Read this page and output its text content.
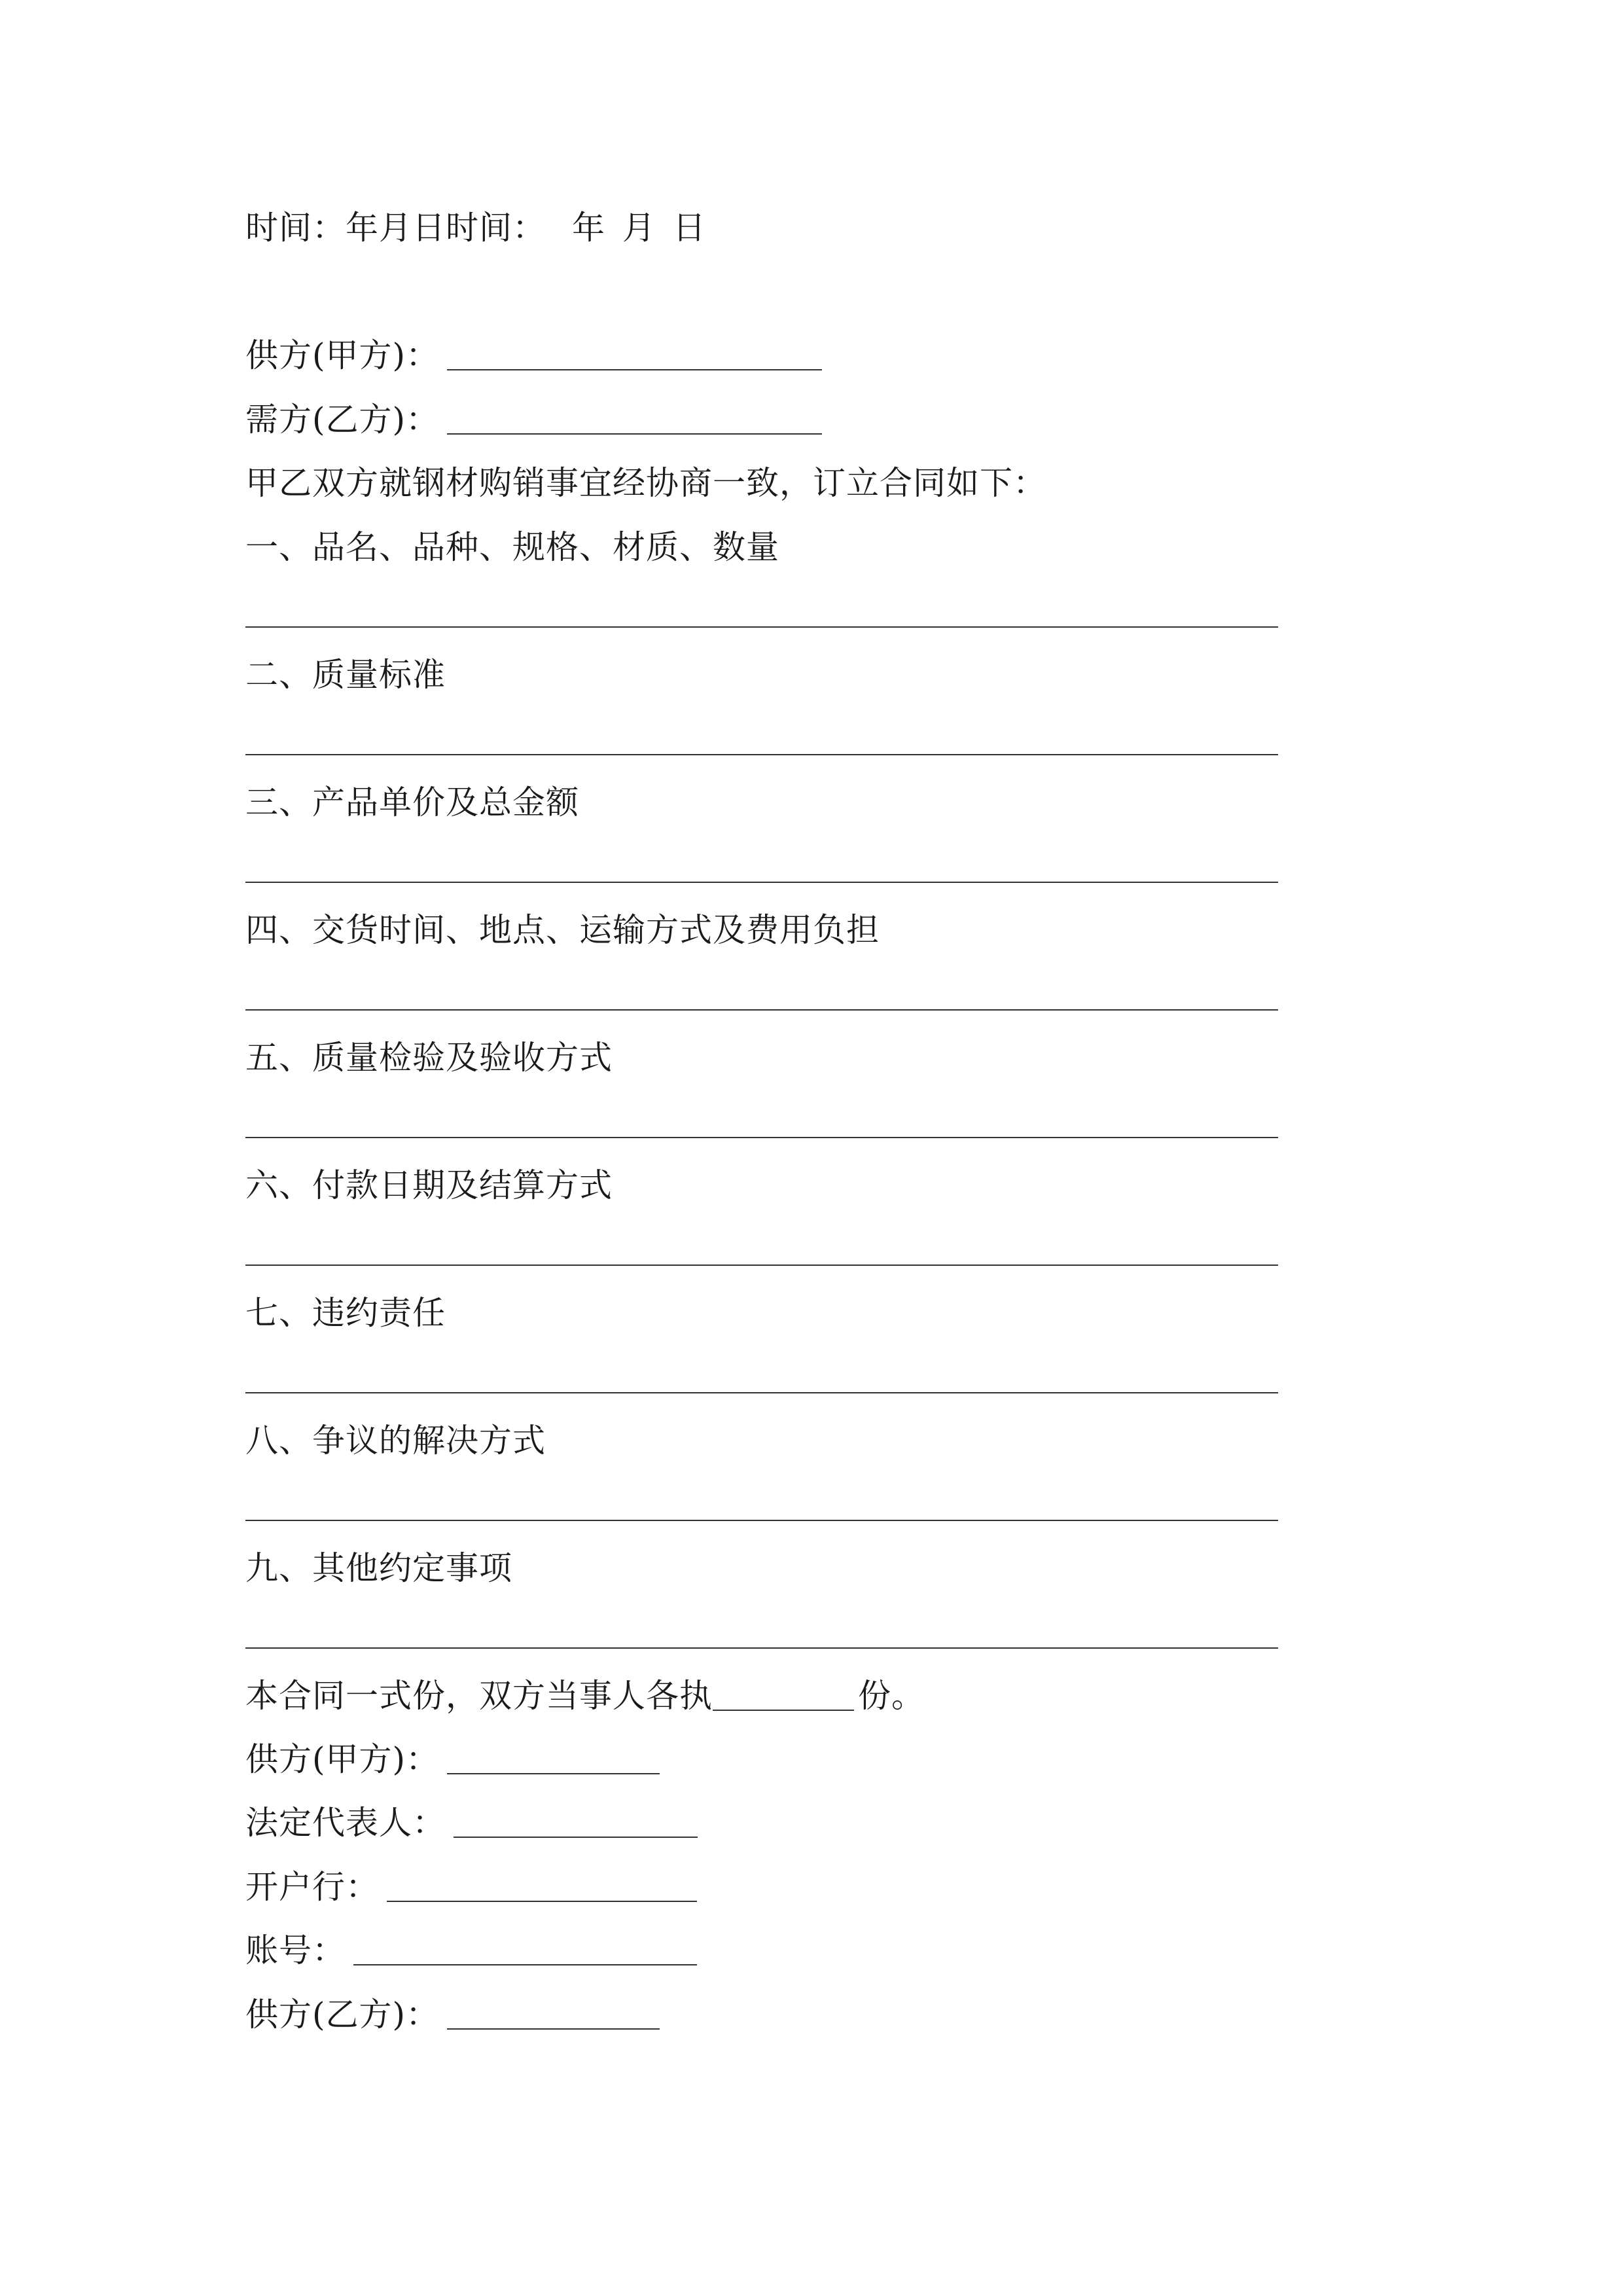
时间：年月日时间： 年 月 日
供方(甲方)：
需方(乙方)：
甲乙双方就钢材购销事宜经协商一致，订立合同如下：
一、品名、品种、规格、材质、数量
二、质量标准
三、产品单价及总金额
四、交货时间、地点、运输方式及费用负担
五、质量检验及验收方式
六、付款日期及结算方式
七、违约责任
八、争议的解决方式
九、其他约定事项
本合同一式份，双方当事人各执	份。
供方(甲方)：
法定代表人：
开户行：
账号：
供方(乙方)：
